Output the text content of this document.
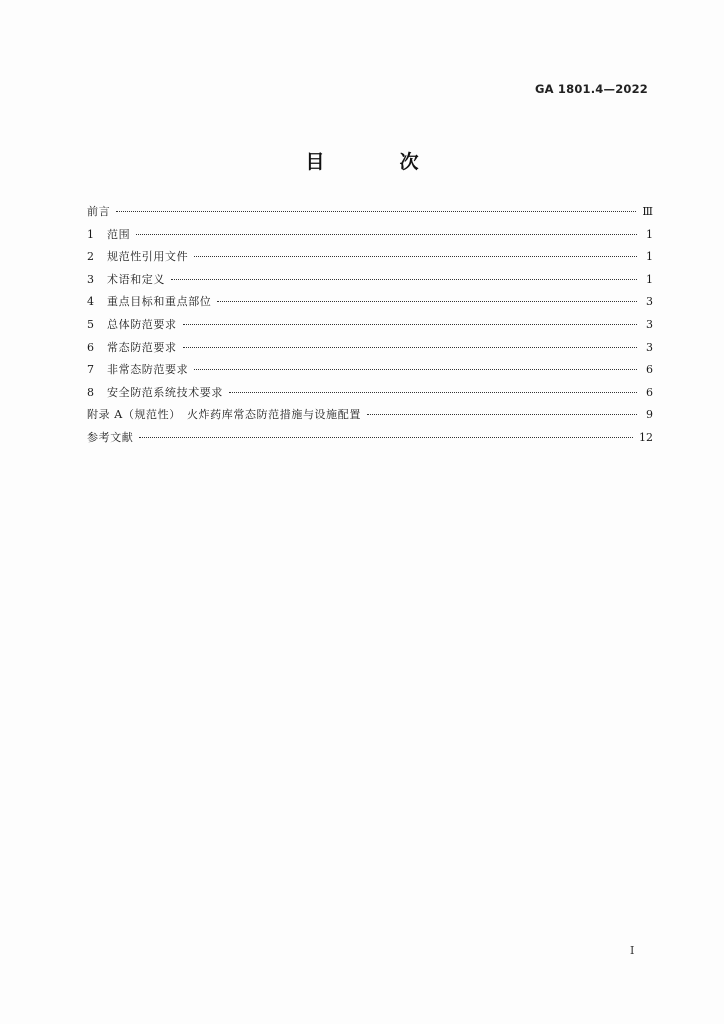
GA 1801.4—2022
目　次
前言	Ⅲ
1	范围	1
2	规范性引用文件	1
3	术语和定义	1
4	重点目标和重点部位	3
5	总体防范要求	3
6	常态防范要求	3
7	非常态防范要求	6
8	安全防范系统技术要求	6
附录 A（规范性）　火炸药库常态防范措施与设施配置	9
参考文献	12
I
